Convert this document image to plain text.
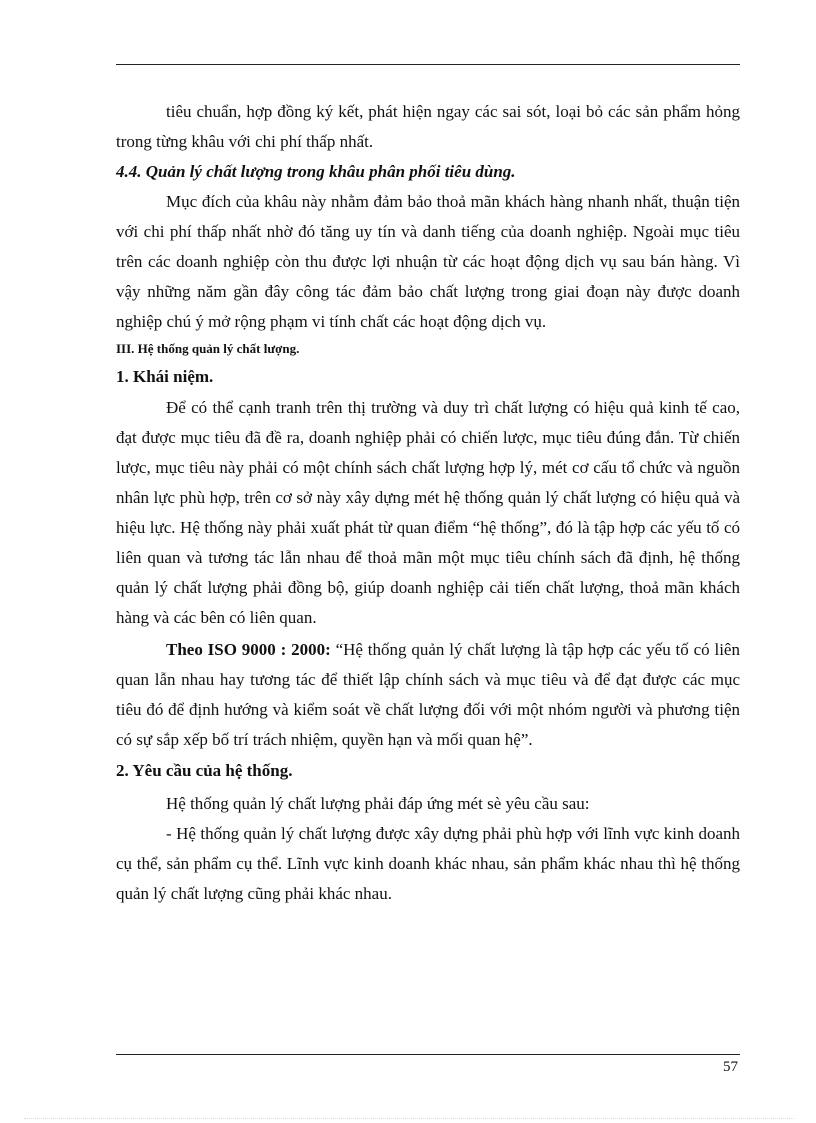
tiêu chuẩn, hợp đồng ký kết, phát hiện ngay các sai sót, loại bỏ các sản phẩm hỏng trong từng khâu với chi phí thấp nhất.

4.4. Quản lý chất lượng trong khâu phân phối tiêu dùng.

Mục đích của khâu này nhằm đảm bảo thoả mãn khách hàng nhanh nhất, thuận tiện với chi phí thấp nhất nhờ đó tăng uy tín và danh tiếng của doanh nghiệp. Ngoài mục tiêu trên các doanh nghiệp còn thu được lợi nhuận từ các hoạt động dịch vụ sau bán hàng. Vì vậy những năm gần đây công tác đảm bảo chất lượng trong giai đoạn này được doanh nghiệp chú ý mở rộng phạm vi tính chất các hoạt động dịch vụ.

III. Hệ thống quản lý chất lượng.

1. Khái niệm.

Để có thể cạnh tranh trên thị trường và duy trì chất lượng có hiệu quả kinh tế cao, đạt được mục tiêu đã đề ra, doanh nghiệp phải có chiến lược, mục tiêu đúng đắn. Từ chiến lược, mục tiêu này phải có một chính sách chất lượng hợp lý, mét cơ cấu tổ chức và nguồn nhân lực phù hợp, trên cơ sở này xây dựng mét hệ thống quản lý chất lượng có hiệu quả và hiệu lực. Hệ thống này phải xuất phát từ quan điểm “hệ thống”, đó là tập hợp các yếu tố có liên quan và tương tác lẫn nhau để thoả mãn một mục tiêu chính sách đã định, hệ thống quản lý chất lượng phải đồng bộ, giúp doanh nghiệp cải tiến chất lượng, thoả mãn khách hàng và các bên có liên quan.

Theo ISO 9000 : 2000: “Hệ thống quản lý chất lượng là tập hợp các yếu tố có liên quan lẫn nhau hay tương tác để thiết lập chính sách và mục tiêu và để đạt được các mục tiêu đó để định hướng và kiểm soát về chất lượng đối với một nhóm người và phương tiện có sự sắp xếp bố trí trách nhiệm, quyền hạn và mối quan hệ”.

2. Yêu cầu của hệ thống.

Hệ thống quản lý chất lượng phải đáp ứng mét sè yêu cầu sau:

- Hệ thống quản lý chất lượng được xây dựng phải phù hợp với lĩnh vực kinh doanh cụ thể, sản phẩm cụ thể. Lĩnh vực kinh doanh khác nhau, sản phẩm khác nhau thì hệ thống quản lý chất lượng cũng phải khác nhau.

57
